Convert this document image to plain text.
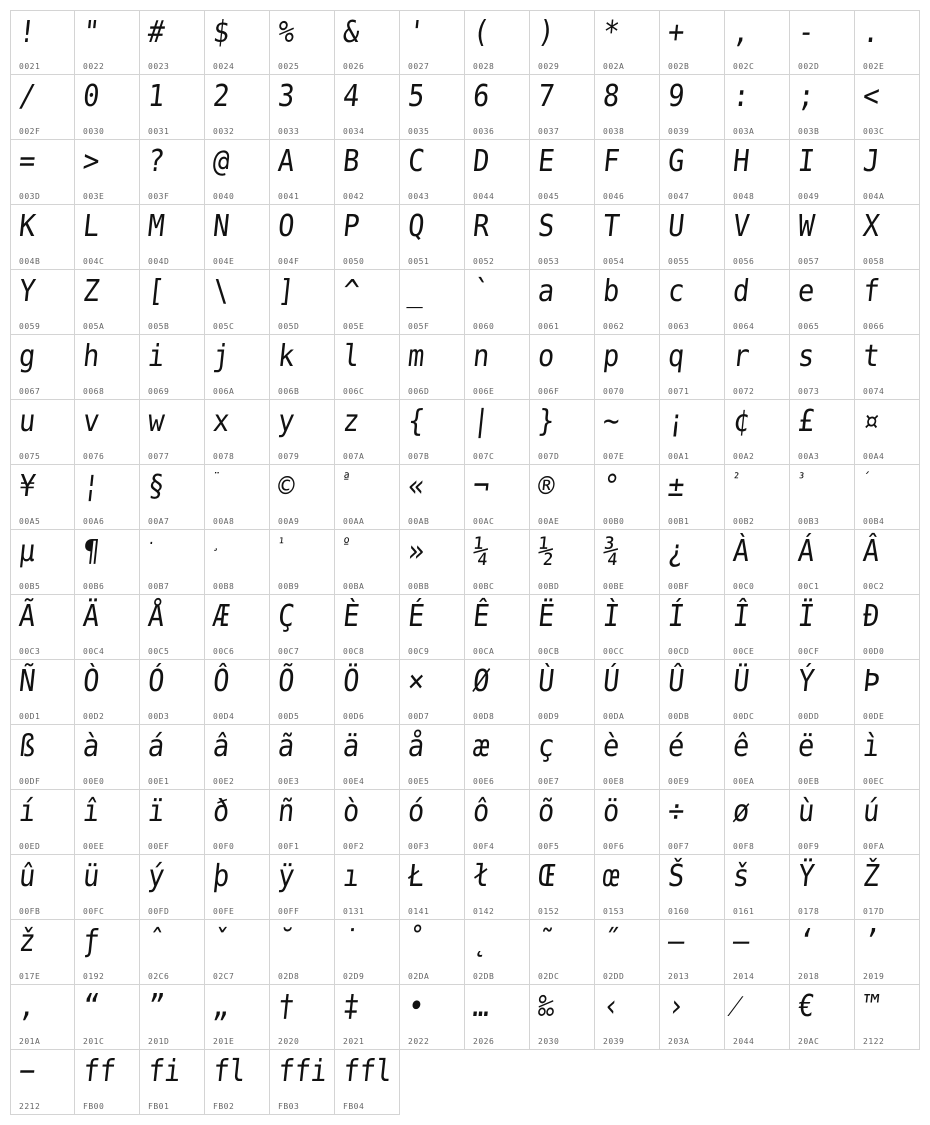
!
0021
"
0022
#
0023
$
0024
%
0025
&
0026
'
0027
(
0028
)
0029
*
002A
+
002B
,
002C
-
002D
.
002E
/
002F
0
0030
1
0031
2
0032
3
0033
4
0034
5
0035
6
0036
7
0037
8
0038
9
0039
:
003A
;
003B
<
003C
=
003D
>
003E
?
003F
@
0040
A
0041
B
0042
C
0043
D
0044
E
0045
F
0046
G
0047
H
0048
I
0049
J
004A
K
004B
L
004C
M
004D
N
004E
O
004F
P
0050
Q
0051
R
0052
S
0053
T
0054
U
0055
V
0056
W
0057
X
0058
Y
0059
Z
005A
[
005B
\
005C
]
005D
^
005E
_
005F
`
0060
a
0061
b
0062
c
0063
d
0064
e
0065
f
0066
g
0067
h
0068
i
0069
j
006A
k
006B
l
006C
m
006D
n
006E
o
006F
p
0070
q
0071
r
0072
s
0073
t
0074
u
0075
v
0076
w
0077
x
0078
y
0079
z
007A
{
007B
|
007C
}
007D
~
007E
¡
00A1
¢
00A2
£
00A3
¤
00A4
¥
00A5
¦
00A6
§
00A7
¨
00A8
©
00A9
ª
00AA
«
00AB
¬
00AC
®
00AE
°
00B0
±
00B1
²
00B2
³
00B3
´
00B4
µ
00B5
¶
00B6
·
00B7
¸
00B8
¹
00B9
º
00BA
»
00BB
¼
00BC
½
00BD
¾
00BE
¿
00BF
À
00C0
Á
00C1
Â
00C2
Ã
00C3
Ä
00C4
Å
00C5
Æ
00C6
Ç
00C7
È
00C8
É
00C9
Ê
00CA
Ë
00CB
Ì
00CC
Í
00CD
Î
00CE
Ï
00CF
Ð
00D0
Ñ
00D1
Ò
00D2
Ó
00D3
Ô
00D4
Õ
00D5
Ö
00D6
×
00D7
Ø
00D8
Ù
00D9
Ú
00DA
Û
00DB
Ü
00DC
Ý
00DD
Þ
00DE
ß
00DF
à
00E0
á
00E1
â
00E2
ã
00E3
ä
00E4
å
00E5
æ
00E6
ç
00E7
è
00E8
é
00E9
ê
00EA
ë
00EB
ì
00EC
í
00ED
î
00EE
ï
00EF
ð
00F0
ñ
00F1
ò
00F2
ó
00F3
ô
00F4
õ
00F5
ö
00F6
÷
00F7
ø
00F8
ù
00F9
ú
00FA
û
00FB
ü
00FC
ý
00FD
þ
00FE
ÿ
00FF
ı
0131
Ł
0141
ł
0142
Œ
0152
œ
0153
Š
0160
š
0161
Ÿ
0178
Ž
017D
ž
017E
ƒ
0192
ˆ
02C6
ˇ
02C7
˘
02D8
˙
02D9
˚
02DA
˛
02DB
˜
02DC
˝
02DD
–
2013
—
2014
‘
2018
’
2019
‚
201A
“
201C
”
201D
„
201E
†
2020
‡
2021
•
2022
…
2026
‰
2030
‹
2039
›
203A
⁄
2044
€
20AC
™
2122
−
2212
ff
FB00
fi
FB01
fl
FB02
ffi
FB03
ffl
FB04
